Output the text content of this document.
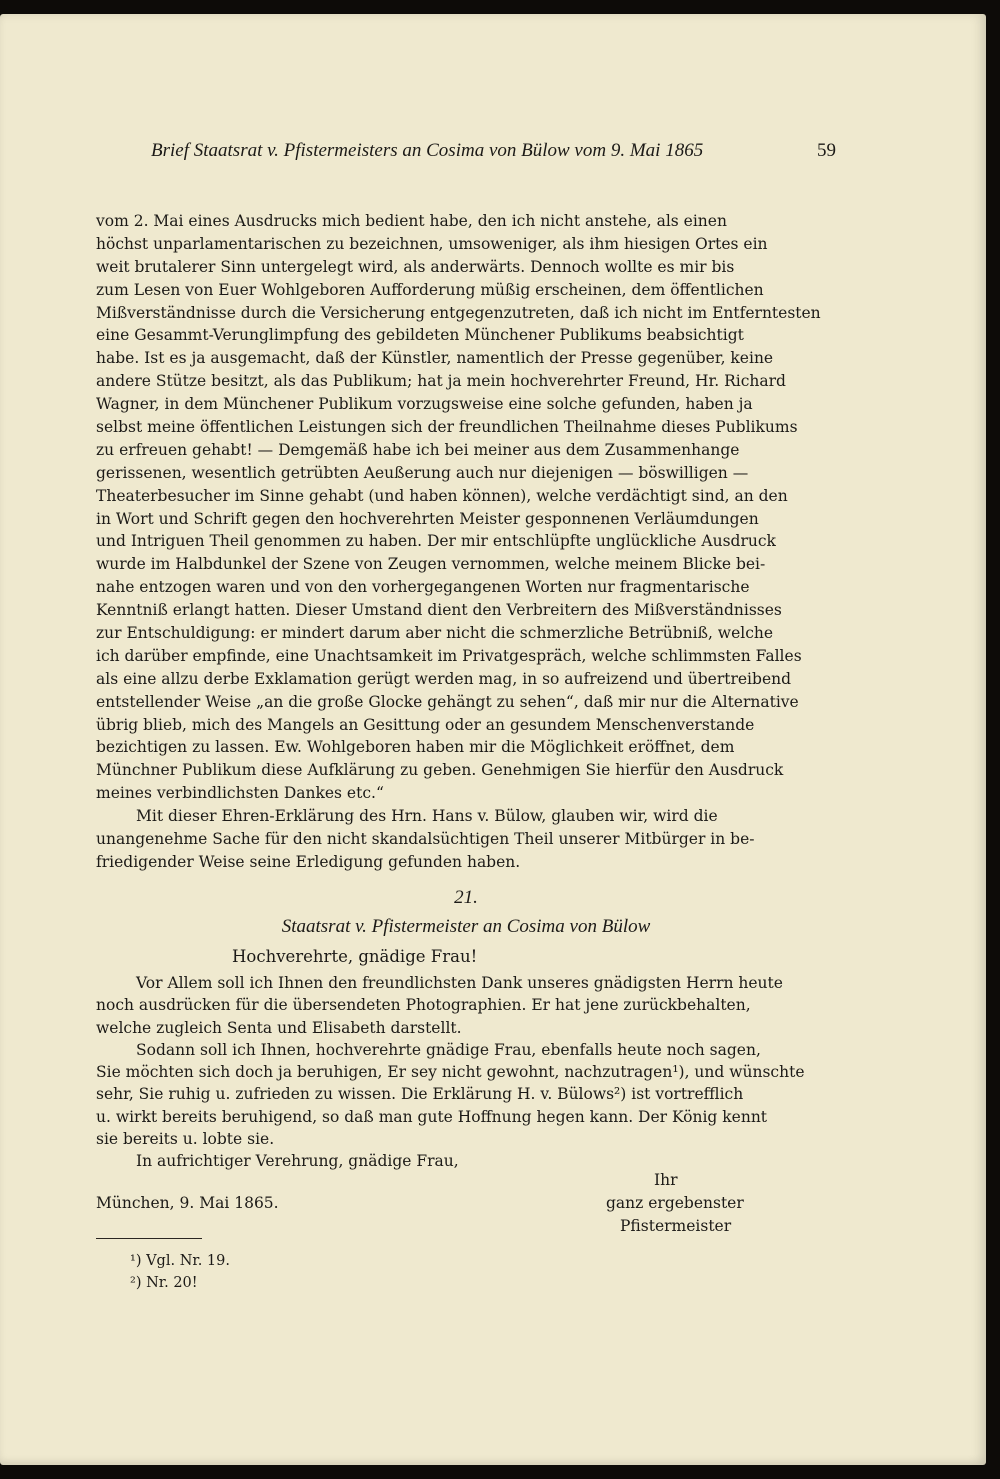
Brief Staatsrat v. Pfistermeisters an Cosima von Bülow vom 9. Mai 1865	59
vom 2. Mai eines Ausdrucks mich bedient habe, den ich nicht anstehe, als einen
höchst unparlamentarischen zu bezeichnen, umsoweniger, als ihm hiesigen Ortes ein
weit brutalerer Sinn untergelegt wird, als anderwärts. Dennoch wollte es mir bis
zum Lesen von Euer Wohlgeboren Aufforderung müßig erscheinen, dem öffentlichen
Mißverständnisse durch die Versicherung entgegenzutreten, daß ich nicht im Entferntesten
eine Gesammt-Verunglimpfung des gebildeten Münchener Publikums beabsichtigt
habe. Ist es ja ausgemacht, daß der Künstler, namentlich der Presse gegenüber, keine
andere Stütze besitzt, als das Publikum; hat ja mein hochverehrter Freund, Hr. Richard
Wagner, in dem Münchener Publikum vorzugsweise eine solche gefunden, haben ja
selbst meine öffentlichen Leistungen sich der freundlichen Theilnahme dieses Publikums
zu erfreuen gehabt! — Demgemäß habe ich bei meiner aus dem Zusammenhange
gerissenen, wesentlich getrübten Aeußerung auch nur diejenigen — böswilligen —
Theaterbesucher im Sinne gehabt (und haben können), welche verdächtigt sind, an den
in Wort und Schrift gegen den hochverehrten Meister gesponnenen Verläumdungen
und Intriguen Theil genommen zu haben. Der mir entschlüpfte unglückliche Ausdruck
wurde im Halbdunkel der Szene von Zeugen vernommen, welche meinem Blicke bei-
nahe entzogen waren und von den vorhergegangenen Worten nur fragmentarische
Kenntniß erlangt hatten. Dieser Umstand dient den Verbreitern des Mißverständnisses
zur Entschuldigung: er mindert darum aber nicht die schmerzliche Betrübniß, welche
ich darüber empfinde, eine Unachtsamkeit im Privatgespräch, welche schlimmsten Falles
als eine allzu derbe Exklamation gerügt werden mag, in so aufreizend und übertreibend
entstellender Weise „an die große Glocke gehängt zu sehen“, daß mir nur die Alternative
übrig blieb, mich des Mangels an Gesittung oder an gesundem Menschenverstande
bezichtigen zu lassen. Ew. Wohlgeboren haben mir die Möglichkeit eröffnet, dem
Münchner Publikum diese Aufklärung zu geben. Genehmigen Sie hierfür den Ausdruck
meines verbindlichsten Dankes etc.“
Mit dieser Ehren-Erklärung des Hrn. Hans v. Bülow, glauben wir, wird die
unangenehme Sache für den nicht skandalsüchtigen Theil unserer Mitbürger in be-
friedigender Weise seine Erledigung gefunden haben.
21.
Staatsrat v. Pfistermeister an Cosima von Bülow
Hochverehrte, gnädige Frau!
Vor Allem soll ich Ihnen den freundlichsten Dank unseres gnädigsten Herrn heute
noch ausdrücken für die übersendeten Photographien. Er hat jene zurückbehalten,
welche zugleich Senta und Elisabeth darstellt.
Sodann soll ich Ihnen, hochverehrte gnädige Frau, ebenfalls heute noch sagen,
Sie möchten sich doch ja beruhigen, Er sey nicht gewohnt, nachzutragen¹), und wünschte
sehr, Sie ruhig u. zufrieden zu wissen. Die Erklärung H. v. Bülows²) ist vortrefflich
u. wirkt bereits beruhigend, so daß man gute Hoffnung hegen kann. Der König kennt
sie bereits u. lobte sie.
In aufrichtiger Verehrung, gnädige Frau,
Ihr
München, 9. Mai 1865.	ganz ergebenster
Pfistermeister
¹) Vgl. Nr. 19.
²) Nr. 20!
